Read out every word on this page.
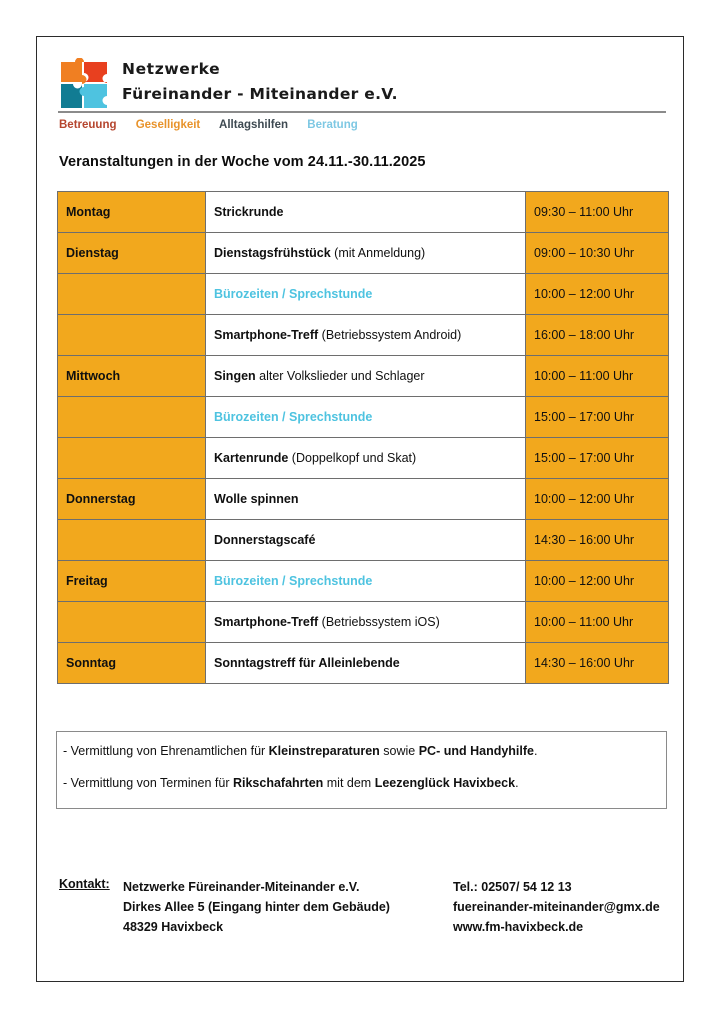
Netzwerke
Füreinander - Miteinander e.V.
Betreuung Geselligkeit Alltagshilfen Beratung
Veranstaltungen in der Woche vom 24.11.-30.11.2025
Montag	Strickrunde	09:30 – 11:00 Uhr
Dienstag	Dienstagsfrühstück (mit Anmeldung)	09:00 – 10:30 Uhr
	Bürozeiten / Sprechstunde	10:00 – 12:00 Uhr
	Smartphone-Treff (Betriebssystem Android)	16:00 – 18:00 Uhr
Mittwoch	Singen alter Volkslieder und Schlager	10:00 – 11:00 Uhr
	Bürozeiten / Sprechstunde	15:00 – 17:00 Uhr
	Kartenrunde (Doppelkopf und Skat)	15:00 – 17:00 Uhr
Donnerstag	Wolle spinnen	10:00 – 12:00 Uhr
	Donnerstagscafé	14:30 – 16:00 Uhr
Freitag	Bürozeiten / Sprechstunde	10:00 – 12:00 Uhr
	Smartphone-Treff (Betriebssystem iOS)	10:00 – 11:00 Uhr
Sonntag	Sonntagstreff für Alleinlebende	14:30 – 16:00 Uhr
- Vermittlung von Ehrenamtlichen für Kleinstreparaturen sowie PC- und Handyhilfe.
- Vermittlung von Terminen für Rikschafahrten mit dem Leezenglück Havixbeck.
Kontakt: Netzwerke Füreinander-Miteinander e.V.
Dirkes Allee 5 (Eingang hinter dem Gebäude)
48329 Havixbeck
Tel.: 02507/ 54 12 13
fuereinander-miteinander@gmx.de
www.fm-havixbeck.de
